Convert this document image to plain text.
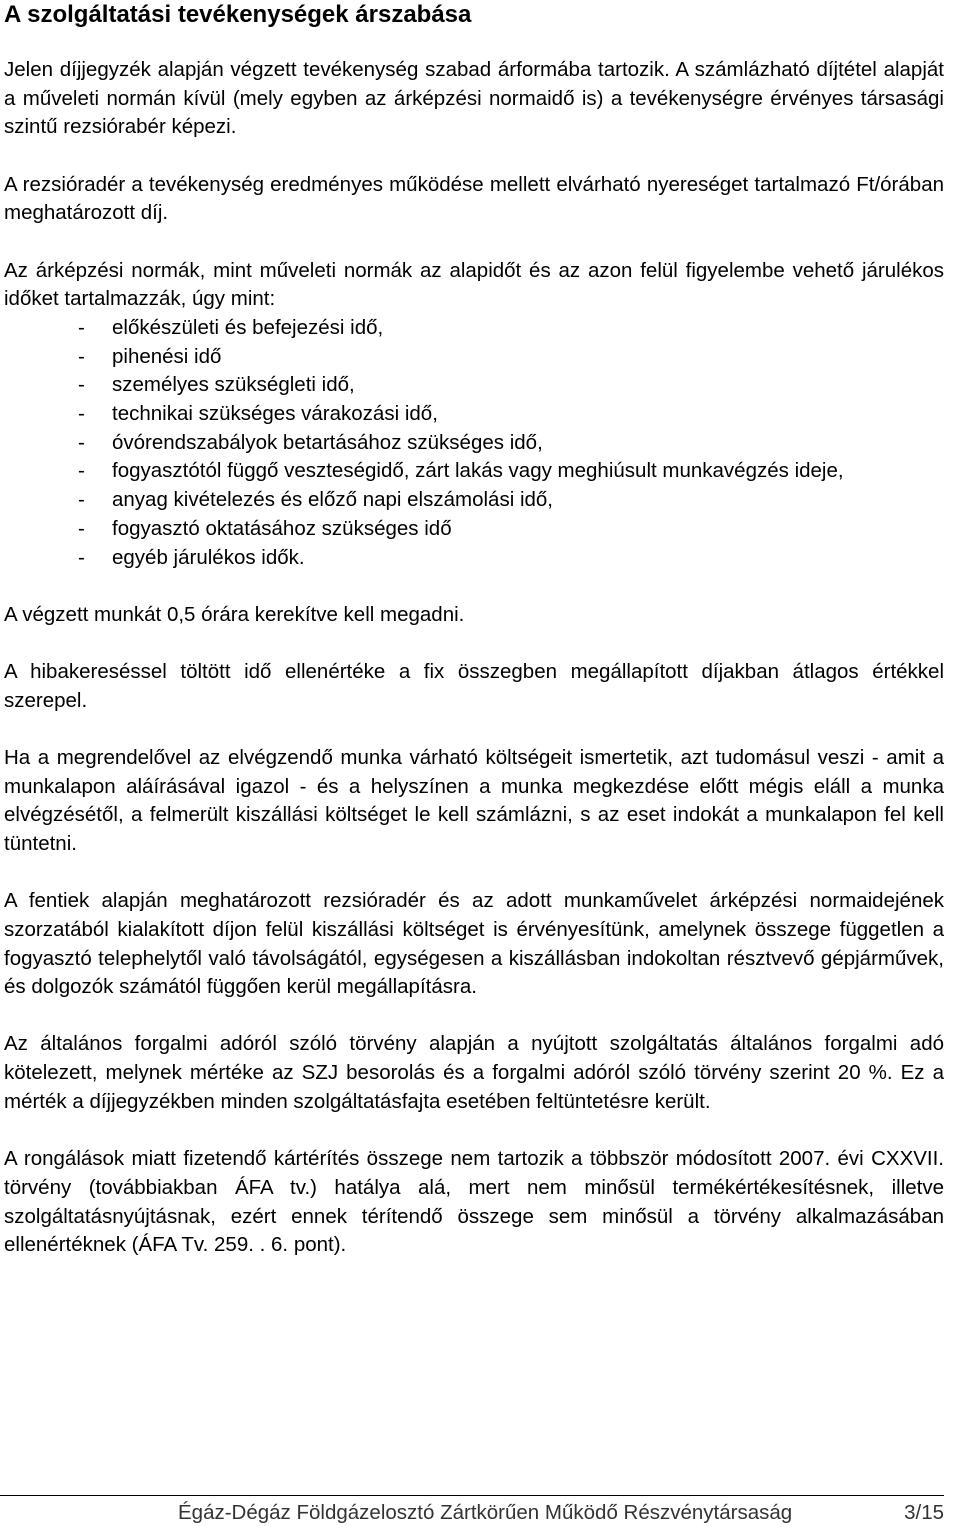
A szolgáltatási tevékenységek árszabása

Jelen díjjegyzék alapján végzett tevékenység szabad árformába tartozik. A számlázható díjtétel alapját a műveleti normán kívül (mely egyben az árképzési normaidő is) a tevékenységre érvényes társasági szintű rezsiórabér képezi.

A rezsióradér a tevékenység eredményes működése mellett elvárható nyereséget tartalmazó Ft/órában meghatározott díj.

Az árképzési normák, mint műveleti normák az alapidőt és az azon felül figyelembe vehető járulékos időket tartalmazzák, úgy mint:

- előkészületi és befejezési idő,
- pihenési idő
- személyes szükségleti idő,
- technikai szükséges várakozási idő,
- óvórendszabályok betartásához szükséges idő,
- fogyasztótól függő veszteségidő, zárt lakás vagy meghiúsult munkavégzés ideje,
- anyag kivételezés és előző napi elszámolási idő,
- fogyasztó oktatásához szükséges idő
- egyéb járulékos idők.

A végzett munkát 0,5 órára kerekítve kell megadni.

A hibakereséssel töltött idő ellenértéke a fix összegben megállapított díjakban átlagos értékkel szerepel.

Ha a megrendelővel az elvégzendő munka várható költségeit ismertetik, azt tudomásul veszi - amit a munkalapon aláírásával igazol - és a helyszínen a munka megkezdése előtt mégis eláll a munka elvégzésétől, a felmerült kiszállási költséget le kell számlázni, s az eset indokát a munkalapon fel kell tüntetni.

A fentiek alapján meghatározott rezsióradér és az adott munkaművelet árképzési normaidejének szorzatából kialakított díjon felül kiszállási költséget is érvényesítünk, amelynek összege független a fogyasztó telephelytől való távolságától, egységesen a kiszállásban indokoltan résztvevő gépjárművek, és dolgozók számától függően kerül megállapításra.

Az általános forgalmi adóról szóló törvény alapján a nyújtott szolgáltatás általános forgalmi adó kötelezett, melynek mértéke az SZJ besorolás és a forgalmi adóról szóló törvény szerint 20 %. Ez a mérték a díjjegyzékben minden szolgáltatásfajta esetében feltüntetésre került.

A rongálások miatt fizetendő kártérítés összege nem tartozik a többször módosított 2007. évi CXXVII. törvény (továbbiakban ÁFA tv.) hatálya alá, mert nem minősül termékértékesítésnek, illetve szolgáltatásnyújtásnak, ezért ennek térítendő összege sem minősül a törvény alkalmazásában ellenértéknek (ÁFA Tv. 259. . 6. pont).

Égáz-Dégáz Földgázelosztó Zártkörűen Működő Részvénytársaság	3/15
